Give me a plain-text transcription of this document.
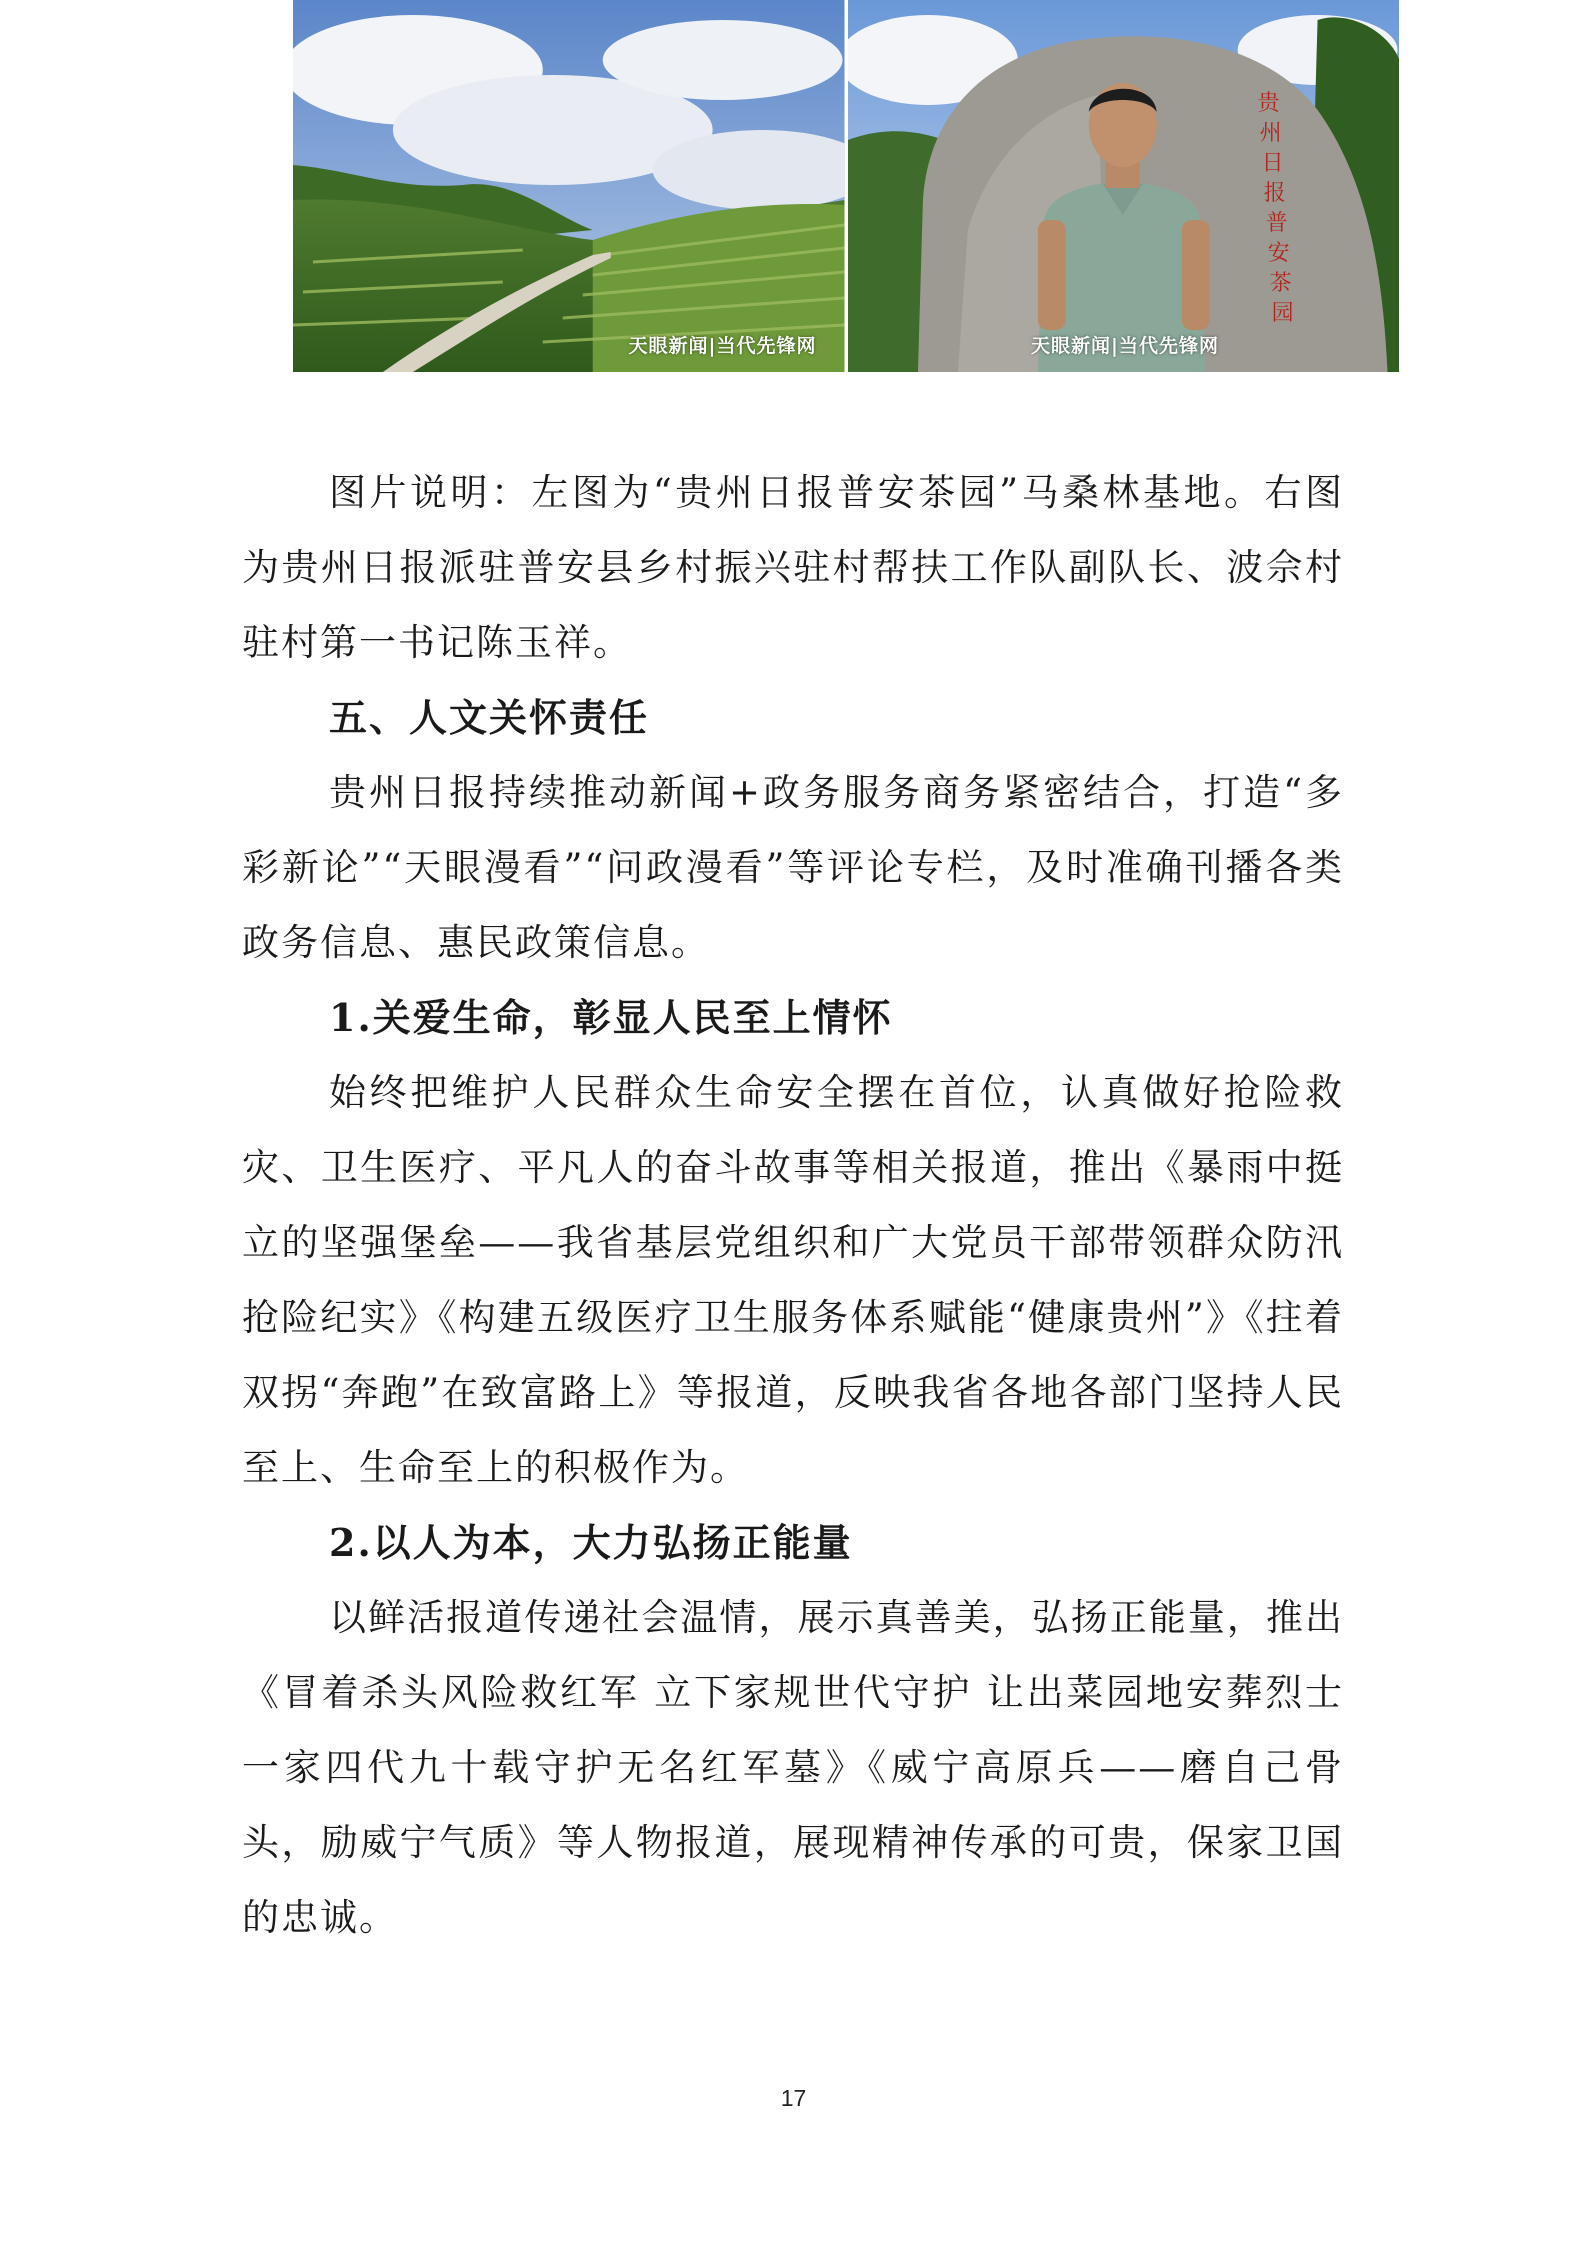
天眼新闻|当代先锋网
贵
州
日
报
普
安
茶
园
天眼新闻|当代先锋网

图片说明：左图为“贵州日报普安茶园”马桑林基地。右图为贵州日报派驻普安县乡村振兴驻村帮扶工作队副队长、波佘村驻村第一书记陈玉祥。

五、人文关怀责任

贵州日报持续推动新闻+政务服务商务紧密结合，打造“多彩新论”“天眼漫看”“问政漫看”等评论专栏，及时准确刊播各类政务信息、惠民政策信息。

1.关爱生命，彰显人民至上情怀

始终把维护人民群众生命安全摆在首位，认真做好抢险救灾、卫生医疗、平凡人的奋斗故事等相关报道，推出《暴雨中挺立的坚强堡垒——我省基层党组织和广大党员干部带领群众防汛抢险纪实》《构建五级医疗卫生服务体系赋能“健康贵州”》《拄着双拐“奔跑”在致富路上》等报道，反映我省各地各部门坚持人民至上、生命至上的积极作为。

2.以人为本，大力弘扬正能量

以鲜活报道传递社会温情，展示真善美，弘扬正能量，推出《冒着杀头风险救红军 立下家规世代守护 让出菜园地安葬烈士 一家四代九十载守护无名红军墓》《威宁高原兵——磨自己骨头，励威宁气质》等人物报道，展现精神传承的可贵，保家卫国的忠诚。

17
